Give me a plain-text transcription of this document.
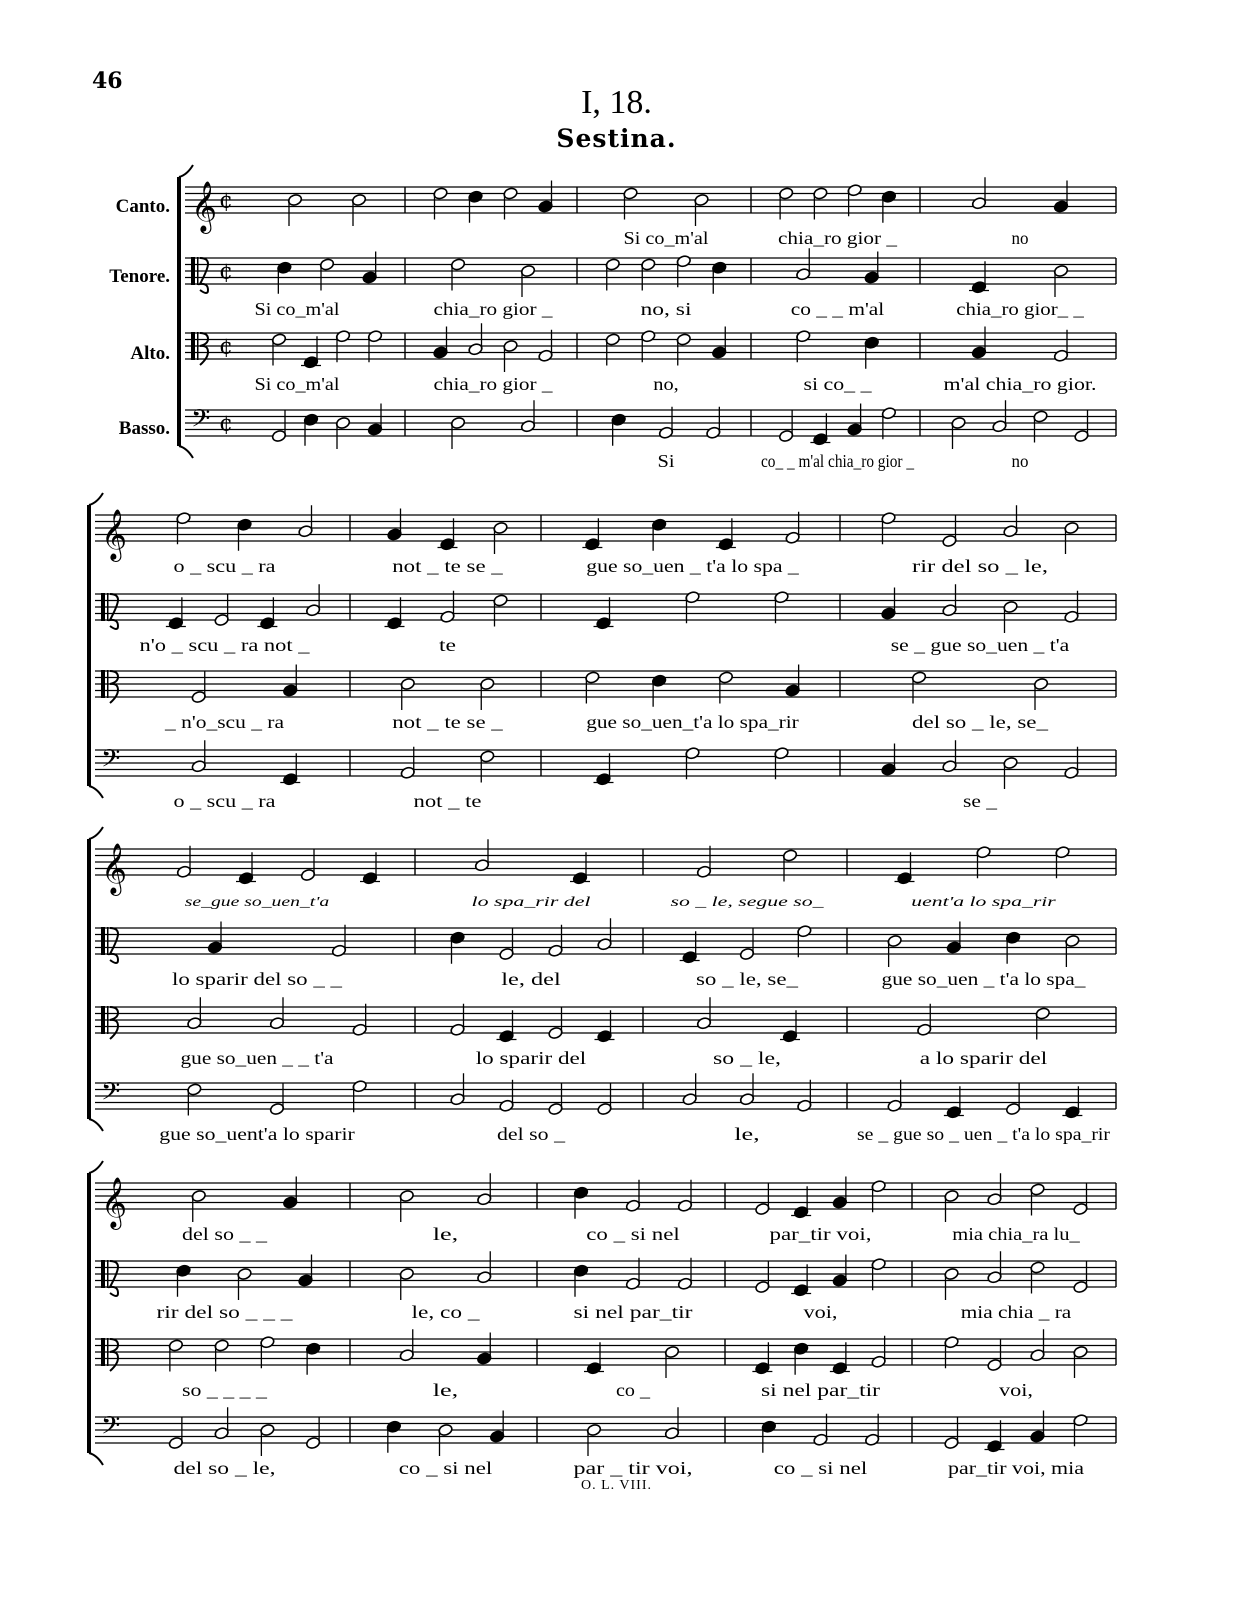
46
I, 18.
Sestina.
Canto.
Tenore.
Alto.
Basso.
𝄞 ¢
Si co_m'al	chia_ro gior _	no
¢
Si co_m'al	chia_ro gior _	no, si	co _ _ m'al	chia_ro gior_ _
¢
Si co_m'al	chia_ro gior _	no,	si co_ _	m'al chia_ro gior.
𝄢 ¢
Si	co_ _ m'al chia_ro gior _	no
𝄞
o _ scu _ ra	not _ te se _	gue so_uen _ t'a lo spa _	rir del so _ le,
n'o _ scu _ ra not _	te	se _ gue so_uen _ t'a
_ n'o_scu _ ra	not _ te se _	gue so_uen_t'a lo spa_rir	del so _ le, se_
𝄢
o _ scu _ ra	not _ te	se _
𝄞
se_gue so_uen_t'a	lo spa_rir del	so _ le, segue so_	uent'a lo spa_rir
lo sparir del so _ _	le, del	so _ le, se_	gue so_uen _ t'a lo spa_
gue so_uen _ _ t'a	lo sparir del	so _ le,	a lo sparir del
𝄢
gue so_uent'a lo sparir	del so _	le,	se _ gue so _ uen _ t'a lo spa_rir
𝄞
del so _ _	le,	co _ si nel	par_tir voi,	mia chia_ra lu_
rir del so _ _ _	le, co _	si nel par_tir	voi,	mia chia _ ra
so _ _ _ _	le,	co _	si nel par_tir	voi,
𝄢
del so _ le,	co _ si nel	par _ tir voi,	co _ si nel	par_tir voi, mia
O. L. VIII.
